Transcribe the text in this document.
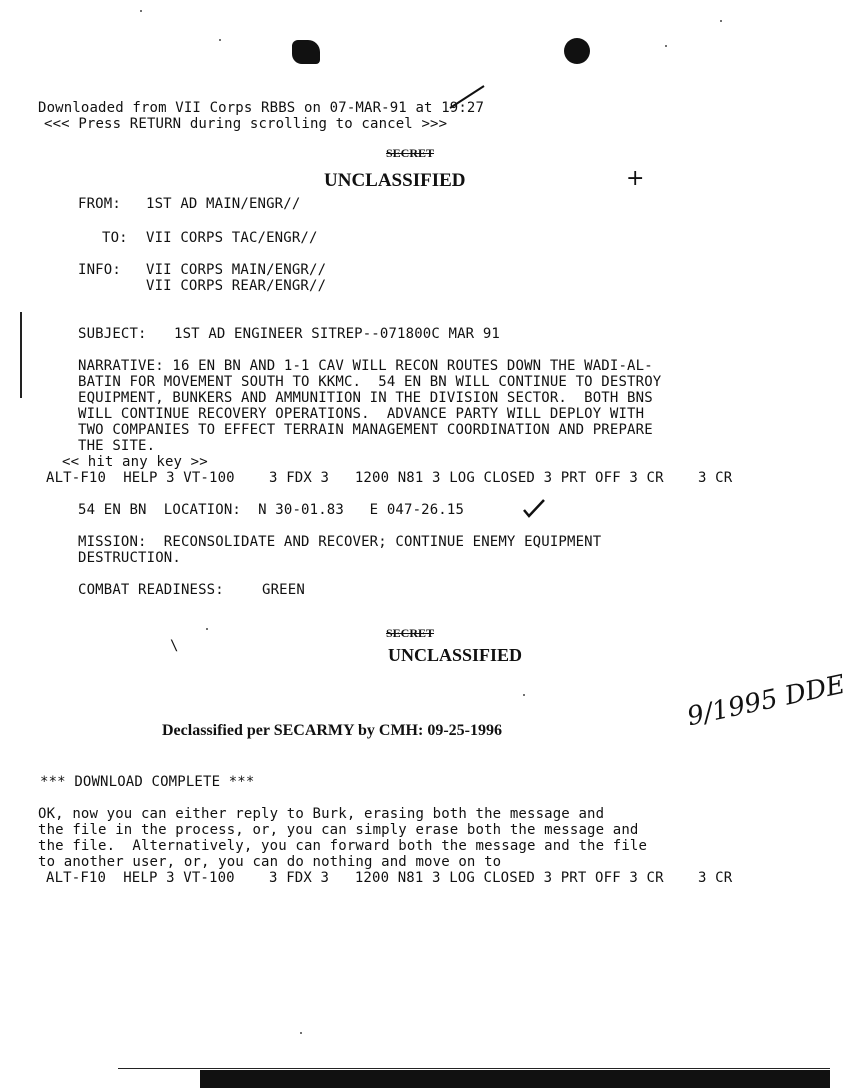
Downloaded from VII Corps RBBS on 07-MAR-91 at 19:27
<<< Press RETURN during scrolling to cancel >>>
SECRET
UNCLASSIFIED	+
FROM: 1ST AD MAIN/ENGR//
TO: VII CORPS TAC/ENGR//
INFO: VII CORPS MAIN/ENGR//
VII CORPS REAR/ENGR//
SUBJECT: 1ST AD ENGINEER SITREP--071800C MAR 91
NARRATIVE: 16 EN BN AND 1-1 CAV WILL RECON ROUTES DOWN THE WADI-AL-
BATIN FOR MOVEMENT SOUTH TO KKMC.  54 EN BN WILL CONTINUE TO DESTROY
EQUIPMENT, BUNKERS AND AMMUNITION IN THE DIVISION SECTOR.  BOTH BNS
WILL CONTINUE RECOVERY OPERATIONS.  ADVANCE PARTY WILL DEPLOY WITH
TWO COMPANIES TO EFFECT TERRAIN MANAGEMENT COORDINATION AND PREPARE
THE SITE.
<< hit any key >>
ALT-F10  HELP 3 VT-100    3 FDX 3   1200 N81 3 LOG CLOSED 3 PRT OFF 3 CR    3 CR
54 EN BN  LOCATION:  N 30-01.83   E 047-26.15
MISSION:  RECONSOLIDATE AND RECOVER; CONTINUE ENEMY EQUIPMENT
DESTRUCTION.
COMBAT READINESS:	GREEN
SECRET
UNCLASSIFIED
\
9/1995 DDE
Declassified per SECARMY by CMH: 09-25-1996
*** DOWNLOAD COMPLETE ***
OK, now you can either reply to Burk, erasing both the message and
the file in the process, or, you can simply erase both the message and
the file.  Alternatively, you can forward both the message and the file
to another user, or, you can do nothing and move on to
ALT-F10  HELP 3 VT-100    3 FDX 3   1200 N81 3 LOG CLOSED 3 PRT OFF 3 CR    3 CR
